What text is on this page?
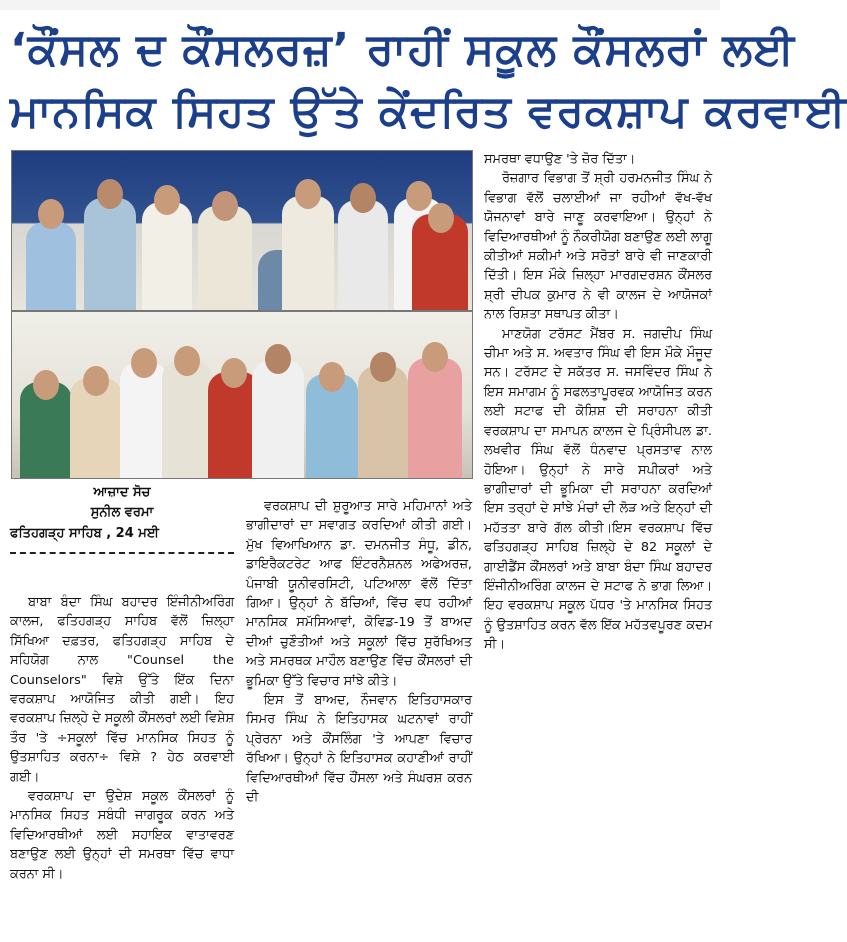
‘ਕੌਂਸਲ ਦ ਕੌਂਸਲਰਜ਼’ ਰਾਹੀਂ ਸਕੂਲ ਕੌਂਸਲਰਾਂ ਲਈ
ਮਾਨਸਿਕ ਸਿਹਤ ਉੱਤੇ ਕੇਂਦਰਿਤ ਵਰਕਸ਼ਾਪ ਕਰਵਾਈ
ਆਜ਼ਾਦ ਸੋਚ
ਸੁਨੀਲ ਵਰਮਾ
ਫਤਿਹਗੜ੍ਹ ਸਾਹਿਬ , 24 ਮਈ

ਬਾਬਾ ਬੰਦਾ ਸਿੰਘ ਬਹਾਦਰ ਇੰਜੀਨੀਅਰਿੰਗ ਕਾਲਜ, ਫਤਿਹਗੜ੍ਹ ਸਾਹਿਬ ਵੱਲੋਂ ਜ਼ਿਲ੍ਹਾ ਸਿੱਖਿਆ ਦਫ਼ਤਰ, ਫਤਿਹਗੜ੍ਹ ਸਾਹਿਬ ਦੇ ਸਹਿਯੋਗ ਨਾਲ "Counsel the Counselors" ਵਿਸ਼ੇ ਉੱਤੇ ਇੱਕ ਦਿਨਾ ਵਰਕਸ਼ਾਪ ਆਯੋਜਿਤ ਕੀਤੀ ਗਈ। ਇਹ ਵਰਕਸ਼ਾਪ ਜ਼ਿਲ੍ਹੇ ਦੇ ਸਕੂਲੀ ਕੌਂਸਲਰਾਂ ਲਈ ਵਿਸ਼ੇਸ਼ ਤੌਰ 'ਤੇ ÷ਸਕੂਲਾਂ ਵਿੱਚ ਮਾਨਸਿਕ ਸਿਹਤ ਨੂੰ ਉਤਸ਼ਾਹਿਤ ਕਰਨਾ÷ ਵਿਸ਼ੇ ? ਹੇਠ ਕਰਵਾਈ ਗਈ।

ਵਰਕਸ਼ਾਪ ਦਾ ਉਦੇਸ਼ ਸਕੂਲ ਕੌਂਸਲਰਾਂ ਨੂੰ ਮਾਨਸਿਕ ਸਿਹਤ ਸਬੰਧੀ ਜਾਗਰੂਕ ਕਰਨ ਅਤੇ ਵਿਦਿਆਰਥੀਆਂ ਲਈ ਸਹਾਇਕ ਵਾਤਾਵਰਣ ਬਣਾਉਣ ਲਈ ਉਨ੍ਹਾਂ ਦੀ ਸਮਰਥਾ ਵਿੱਚ ਵਾਧਾ ਕਰਨਾ ਸੀ।

ਵਰਕਸ਼ਾਪ ਦੀ ਸ਼ੁਰੂਆਤ ਸਾਰੇ ਮਹਿਮਾਨਾਂ ਅਤੇ ਭਾਗੀਦਾਰਾਂ ਦਾ ਸਵਾਗਤ ਕਰਦਿਆਂ ਕੀਤੀ ਗਈ। ਮੁੱਖ ਵਿਆਖਿਆਨ ਡਾ. ਦਮਨਜੀਤ ਸੰਧੂ, ਡੀਨ, ਡਾਇਰੈਕਟਰੇਟ ਆਫ ਇੰਟਰਨੈਸ਼ਨਲ ਅਫੇਅਰਜ਼, ਪੰਜਾਬੀ ਯੂਨੀਵਰਸਿਟੀ, ਪਟਿਆਲਾ ਵੱਲੋਂ ਦਿੱਤਾ ਗਿਆ। ਉਨ੍ਹਾਂ ਨੇ ਬੱਚਿਆਂ, ਵਿੱਚ ਵਧ ਰਹੀਆਂ ਮਾਨਸਿਕ ਸਮੱਸਿਆਵਾਂ, ਕੋਵਿਡ-19 ਤੋਂ ਬਾਅਦ ਦੀਆਂ ਚੁਣੌਤੀਆਂ ਅਤੇ ਸਕੂਲਾਂ ਵਿੱਚ ਸੁਰੱਖਿਅਤ ਅਤੇ ਸਮਰਥਕ ਮਾਹੌਲ ਬਣਾਉਣ ਵਿੱਚ ਕੌਂਸਲਰਾਂ ਦੀ ਭੂਮਿਕਾ ਉੱਤੇ ਵਿਚਾਰ ਸਾਂਝੇ ਕੀਤੇ।

ਇਸ ਤੋਂ ਬਾਅਦ, ਨੌਜਵਾਨ ਇਤਿਹਾਸਕਾਰ ਸਿਮਰ ਸਿੰਘ ਨੇ ਇਤਿਹਾਸਕ ਘਟਨਾਵਾਂ ਰਾਹੀਂ ਪ੍ਰੇਰਨਾ ਅਤੇ ਕੌਂਸਲਿੰਗ 'ਤੇ ਆਪਣਾ ਵਿਚਾਰ ਰੱਖਿਆ। ਉਨ੍ਹਾਂ ਨੇ ਇਤਿਹਾਸਕ ਕਹਾਣੀਆਂ ਰਾਹੀਂ ਵਿਦਿਆਰਥੀਆਂ ਵਿੱਚ ਹੌਂਸਲਾ ਅਤੇ ਸੰਘਰਸ਼ ਕਰਨ ਦੀ

ਸਮਰਥਾ ਵਧਾਉਣ 'ਤੇ ਜ਼ੋਰ ਦਿੱਤਾ।

ਰੋਜ਼ਗਾਰ ਵਿਭਾਗ ਤੋਂ ਸ਼੍ਰੀ ਹਰਮਨਜੀਤ ਸਿੰਘ ਨੇ ਵਿਭਾਗ ਵੱਲੋਂ ਚਲਾਈਆਂ ਜਾ ਰਹੀਆਂ ਵੱਖ-ਵੱਖ ਯੋਜਨਾਵਾਂ ਬਾਰੇ ਜਾਣੂ ਕਰਵਾਇਆ। ਉਨ੍ਹਾਂ ਨੇ ਵਿਦਿਆਰਥੀਆਂ ਨੂੰ ਨੌਕਰੀਯੋਗ ਬਣਾਉਣ ਲਈ ਲਾਗੂ ਕੀਤੀਆਂ ਸਕੀਮਾਂ ਅਤੇ ਸਰੋਤਾਂ ਬਾਰੇ ਵੀ ਜਾਣਕਾਰੀ ਦਿੱਤੀ। ਇਸ ਮੌਕੇ ਜ਼ਿਲ੍ਹਾ ਮਾਰਗਦਰਸ਼ਨ ਕੌਂਸਲਰ ਸ਼੍ਰੀ ਦੀਪਕ ਕੁਮਾਰ ਨੇ ਵੀ ਕਾਲਜ ਦੇ ਆਯੋਜਕਾਂ ਨਾਲ ਰਿਸ਼ਤਾ ਸਥਾਪਤ ਕੀਤਾ।

ਮਾਣਯੋਗ ਟਰੱਸਟ ਮੈਂਬਰ ਸ. ਜਗਦੀਪ ਸਿੰਘ ਚੀਮਾ ਅਤੇ ਸ. ਅਵਤਾਰ ਸਿੰਘ ਵੀ ਇਸ ਮੌਕੇ ਮੌਜੂਦ ਸਨ। ਟਰੱਸਟ ਦੇ ਸਕੱਤਰ ਸ. ਜਸਵਿੰਦਰ ਸਿੰਘ ਨੇ ਇਸ ਸਮਾਗਮ ਨੂੰ ਸਫਲਤਾਪੂਰਵਕ ਆਯੋਜਿਤ ਕਰਨ ਲਈ ਸਟਾਫ ਦੀ ਕੋਸ਼ਿਸ਼ ਦੀ ਸਰਾਹਨਾ ਕੀਤੀ ਵਰਕਸ਼ਾਪ ਦਾ ਸਮਾਪਨ ਕਾਲਜ ਦੇ ਪ੍ਰਿੰਸੀਪਲ ਡਾ. ਲਖਵੀਰ ਸਿੰਘ ਵੱਲੋਂ ਧੰਨਵਾਦ ਪ੍ਰਸਤਾਵ ਨਾਲ ਹੋਇਆ। ਉਨ੍ਹਾਂ ਨੇ ਸਾਰੇ ਸਪੀਕਰਾਂ ਅਤੇ ਭਾਗੀਦਾਰਾਂ ਦੀ ਭੂਮਿਕਾ ਦੀ ਸਰਾਹਨਾ ਕਰਦਿਆਂ ਇਸ ਤਰ੍ਹਾਂ ਦੇ ਸਾਂਝੇ ਮੰਚਾਂ ਦੀ ਲੋੜ ਅਤੇ ਇਨ੍ਹਾਂ ਦੀ ਮਹੱਤਤਾ ਬਾਰੇ ਗੱਲ ਕੀਤੀ।ਇਸ ਵਰਕਸ਼ਾਪ ਵਿੱਚ ਫਤਿਹਗੜ੍ਹ ਸਾਹਿਬ ਜ਼ਿਲ੍ਹੇ ਦੇ 82 ਸਕੂਲਾਂ ਦੇ ਗਾਈਡੈਂਸ ਕੌਂਸਲਰਾਂ ਅਤੇ ਬਾਬਾ ਬੰਦਾ ਸਿੰਘ ਬਹਾਦਰ ਇੰਜੀਨੀਅਰਿੰਗ ਕਾਲਜ ਦੇ ਸਟਾਫ ਨੇ ਭਾਗ ਲਿਆ। ਇਹ ਵਰਕਸ਼ਾਪ ਸਕੂਲ ਪੱਧਰ 'ਤੇ ਮਾਨਸਿਕ ਸਿਹਤ ਨੂੰ ਉਤਸ਼ਾਹਿਤ ਕਰਨ ਵੱਲ ਇੱਕ ਮਹੱਤਵਪੂਰਣ ਕਦਮ ਸੀ।
